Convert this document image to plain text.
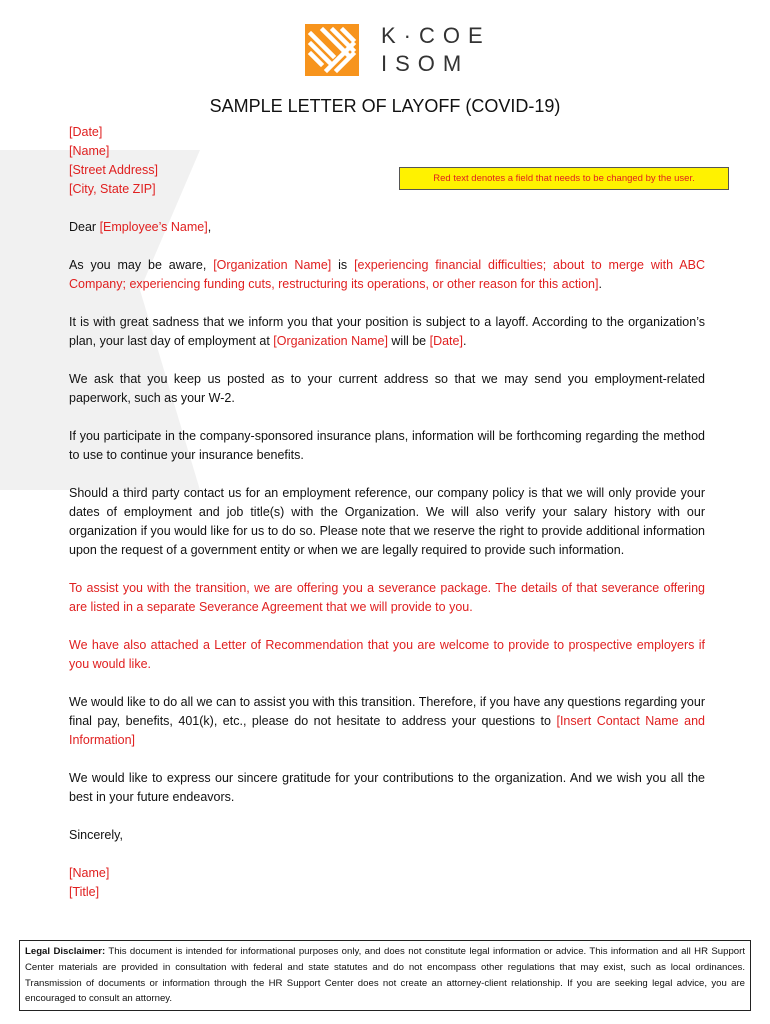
K·COE
ISOM
SAMPLE LETTER OF LAYOFF (COVID-19)
[Date]
[Name]
[Street Address]
[City, State ZIP]
Red text denotes a field that needs to be changed by the user.

Dear [Employee’s Name],

As you may be aware, [Organization Name] is [experiencing financial difficulties; about to merge with ABC Company; experiencing funding cuts, restructuring its operations, or other reason for this action].

It is with great sadness that we inform you that your position is subject to a layoff. According to the organization’s plan, your last day of employment at [Organization Name] will be [Date].

We ask that you keep us posted as to your current address so that we may send you employment-related paperwork, such as your W-2.

If you participate in the company-sponsored insurance plans, information will be forthcoming regarding the method to use to continue your insurance benefits.

Should a third party contact us for an employment reference, our company policy is that we will only provide your dates of employment and job title(s) with the Organization. We will also verify your salary history with our organization if you would like for us to do so. Please note that we reserve the right to provide additional information upon the request of a government entity or when we are legally required to provide such information.

To assist you with the transition, we are offering you a severance package. The details of that severance offering are listed in a separate Severance Agreement that we will provide to you.

We have also attached a Letter of Recommendation that you are welcome to provide to prospective employers if you would like.

We would like to do all we can to assist you with this transition. Therefore, if you have any questions regarding your final pay, benefits, 401(k), etc., please do not hesitate to address your questions to [Insert Contact Name and Information]

We would like to express our sincere gratitude for your contributions to the organization. And we wish you all the best in your future endeavors.

Sincerely,

[Name]
[Title]
Legal Disclaimer: This document is intended for informational purposes only, and does not constitute legal information or advice. This information and all HR Support Center materials are provided in consultation with federal and state statutes and do not encompass other regulations that may exist, such as local ordinances. Transmission of documents or information through the HR Support Center does not create an attorney-client relationship. If you are seeking legal advice, you are encouraged to consult an attorney.
